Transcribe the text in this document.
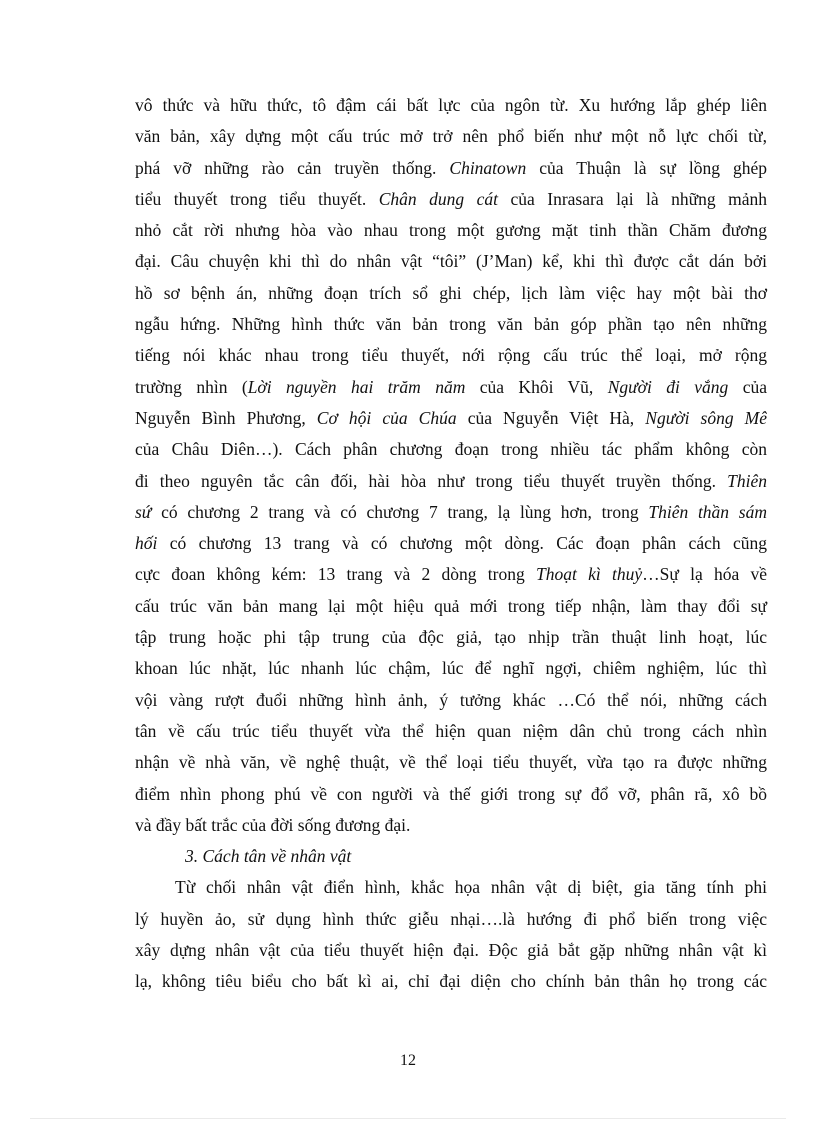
vô thức và hữu thức, tô đậm cái bất lực của ngôn từ. Xu hướng lắp ghép liên
văn bản, xây dựng một cấu trúc mở trở nên phổ biến như một nỗ lực chối từ,
phá vỡ những rào cản truyền thống. Chinatown của Thuận là sự lồng ghép
tiểu thuyết trong tiểu thuyết. Chân dung cát của Inrasara lại là những mảnh
nhỏ cắt rời nhưng hòa vào nhau trong một gương mặt tinh thần Chăm đương
đại. Câu chuyện khi thì do nhân vật “tôi” (J’Man) kể, khi thì được cắt dán bởi
hồ sơ bệnh án, những đoạn trích sổ ghi chép, lịch làm việc hay một bài thơ
ngẫu hứng. Những hình thức văn bản trong văn bản góp phần tạo nên những
tiếng nói khác nhau trong tiểu thuyết, nới rộng cấu trúc thể loại, mở rộng
trường nhìn (Lời nguyền hai trăm năm của Khôi Vũ, Người đi vắng của
Nguyễn Bình Phương, Cơ hội của Chúa của Nguyễn Việt Hà, Người sông Mê
của Châu Diên…). Cách phân chương đoạn trong nhiều tác phẩm không còn
đi theo nguyên tắc cân đối, hài hòa như trong tiểu thuyết truyền thống. Thiên
sứ có chương 2 trang và có chương 7 trang, lạ lùng hơn, trong Thiên thần sám
hối có chương 13 trang và có chương một dòng. Các đoạn phân cách cũng
cực đoan không kém: 13 trang và 2 dòng trong Thoạt kì thuỷ…Sự lạ hóa về
cấu trúc văn bản mang lại một hiệu quả mới trong tiếp nhận, làm thay đổi sự
tập trung hoặc phi tập trung của độc giả, tạo nhịp trần thuật linh hoạt, lúc
khoan lúc nhặt, lúc nhanh lúc chậm, lúc để nghĩ ngợi, chiêm nghiệm, lúc thì
vội vàng rượt đuổi những hình ảnh, ý tưởng khác …Có thể nói, những cách
tân về cấu trúc tiểu thuyết vừa thể hiện quan niệm dân chủ trong cách nhìn
nhận về nhà văn, về nghệ thuật, về thể loại tiểu thuyết, vừa tạo ra được những
điểm nhìn phong phú về con người và thế giới trong sự đổ vỡ, phân rã, xô bồ
và đầy bất trắc của đời sống đương đại.
3. Cách tân về nhân vật
Từ chối nhân vật điển hình, khắc họa nhân vật dị biệt, gia tăng tính phi
lý huyền ảo, sử dụng hình thức giễu nhại….là hướng đi phổ biến trong việc
xây dựng nhân vật của tiểu thuyết hiện đại. Độc giả bắt gặp những nhân vật kì
lạ, không tiêu biểu cho bất kì ai, chỉ đại diện cho chính bản thân họ trong các
12
